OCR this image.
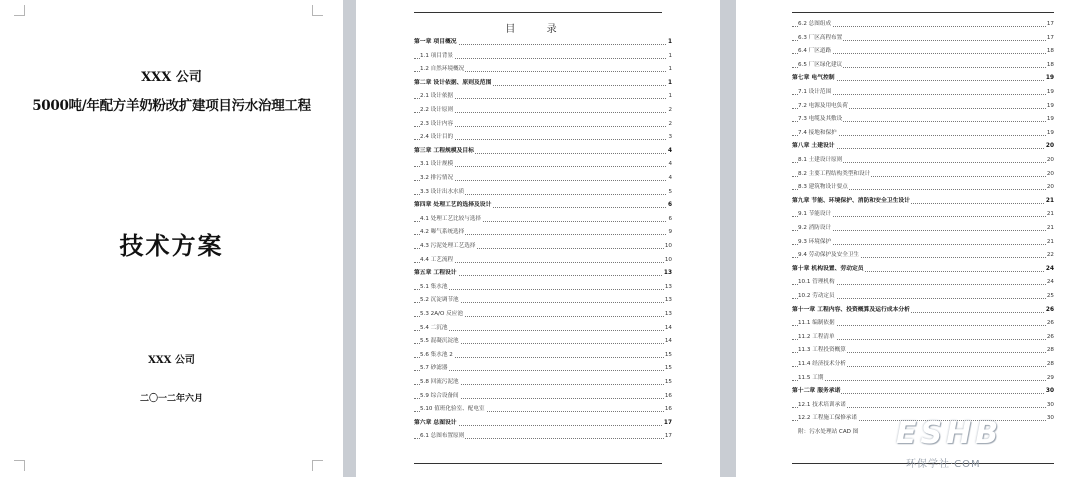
XXX 公司
5000吨/年配方羊奶粉改扩建项目污水治理工程
技术方案
XXX 公司
二〇一二年六月
目 录
第一章 项目概况	1
1.1 项目背景	1
1.2 自然环境概况	1
第二章 设计依据、原则及范围	1
2.1 设计依据	1
2.2 设计原则	2
2.3 设计内容	2
2.4 设计目的	3
第三章 工程规模及目标	4
3.1 设计规模	4
3.2 排污情况	4
3.3 设计出水水质	5
第四章 处理工艺的选择及设计	6
4.1 处理工艺比较与选择	6
4.2 曝气系统选择	9
4.3 污泥处理工艺选择	10
4.4 工艺流程	10
第五章 工程设计	13
5.1 集水池	13
5.2 沉淀调节池	13
5.3 2A/O 反应池	13
5.4 二沉池	14
5.5 混凝沉淀池	14
5.6 集水池 2	15
5.7 砂滤器	15
5.8 回流污泥池	15
5.9 综合设备间	16
5.10 值班化验室、配电室	16
第六章 总图设计	17
6.1 总图布置原则	17
6.2 总图组成	17
6.3 厂区高程布置	17
6.4 厂区道路	18
6.5 厂区绿化建议	18
第七章 电气控制	19
7.1 设计范围	19
7.2 电源及用电负荷	19
7.3 电缆及其敷设	19
7.4 接地和保护	19
第八章 土建设计	20
8.1 土建设计原则	20
8.2 主要工程结构类型和设计	20
8.3 建筑物设计要点	20
第九章 节能、环境保护、消防和安全卫生设计	21
9.1 节能设计	21
9.2 消防设计	21
9.3 环境保护	21
9.4 劳动保护及安全卫生	22
第十章 机构设置、劳动定员	24
10.1 管理机构	24
10.2 劳动定员	25
第十一章 工程内容、投资概算及运行成本分析	26
11.1 编制依据	26
11.2 工程清单	26
11.3 工程投资概算	28
11.4 经济技术分析	28
11.5 工期	29
第十二章 服务承诺	30
12.1 技术培训承诺	30
12.2 工程施工保修承诺	30
附：污水处理站 CAD 图 ESHB
环保学社·COM
